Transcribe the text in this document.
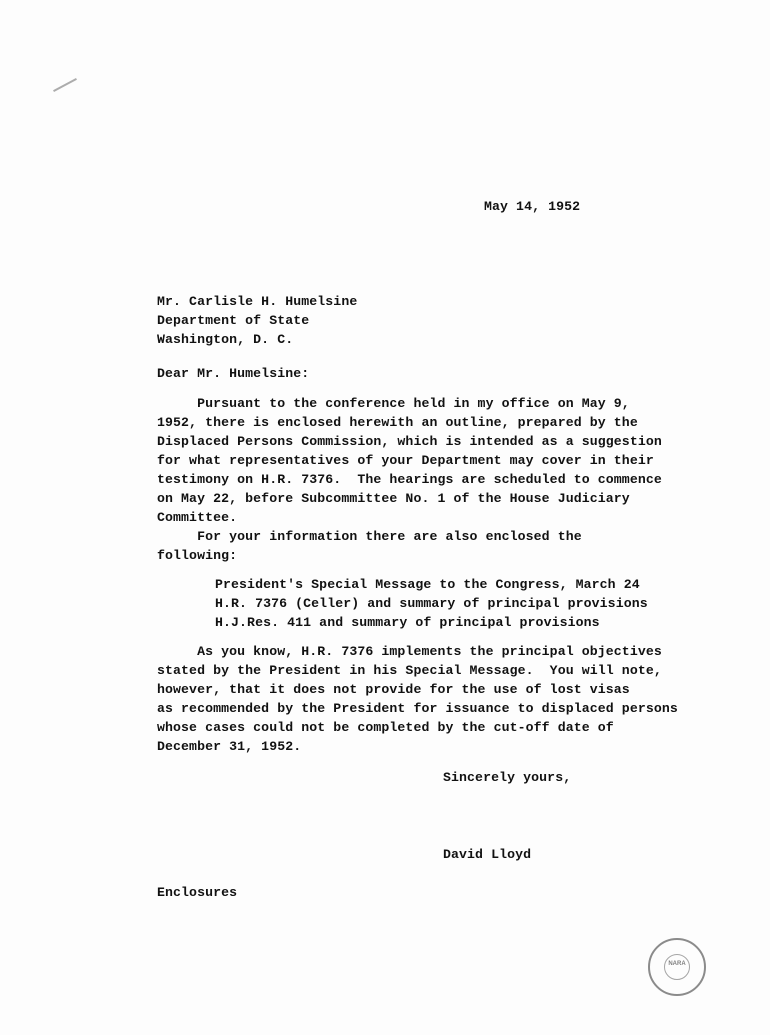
May 14, 1952
Mr. Carlisle H. Humelsine
Department of State
Washington, D. C.
Dear Mr. Humelsine:
Pursuant to the conference held in my office on May 9,
1952, there is enclosed herewith an outline, prepared by the
Displaced Persons Commission, which is intended as a suggestion
for what representatives of your Department may cover in their
testimony on H.R. 7376.  The hearings are scheduled to commence
on May 22, before Subcommittee No. 1 of the House Judiciary
Committee.
For your information there are also enclosed the
following:
President's Special Message to the Congress, March 24
H.R. 7376 (Celler) and summary of principal provisions
H.J.Res. 411 and summary of principal provisions
As you know, H.R. 7376 implements the principal objectives
stated by the President in his Special Message.  You will note,
however, that it does not provide for the use of lost visas
as recommended by the President for issuance to displaced persons
whose cases could not be completed by the cut-off date of
December 31, 1952.
Sincerely yours,
David Lloyd
Enclosures
NARA
